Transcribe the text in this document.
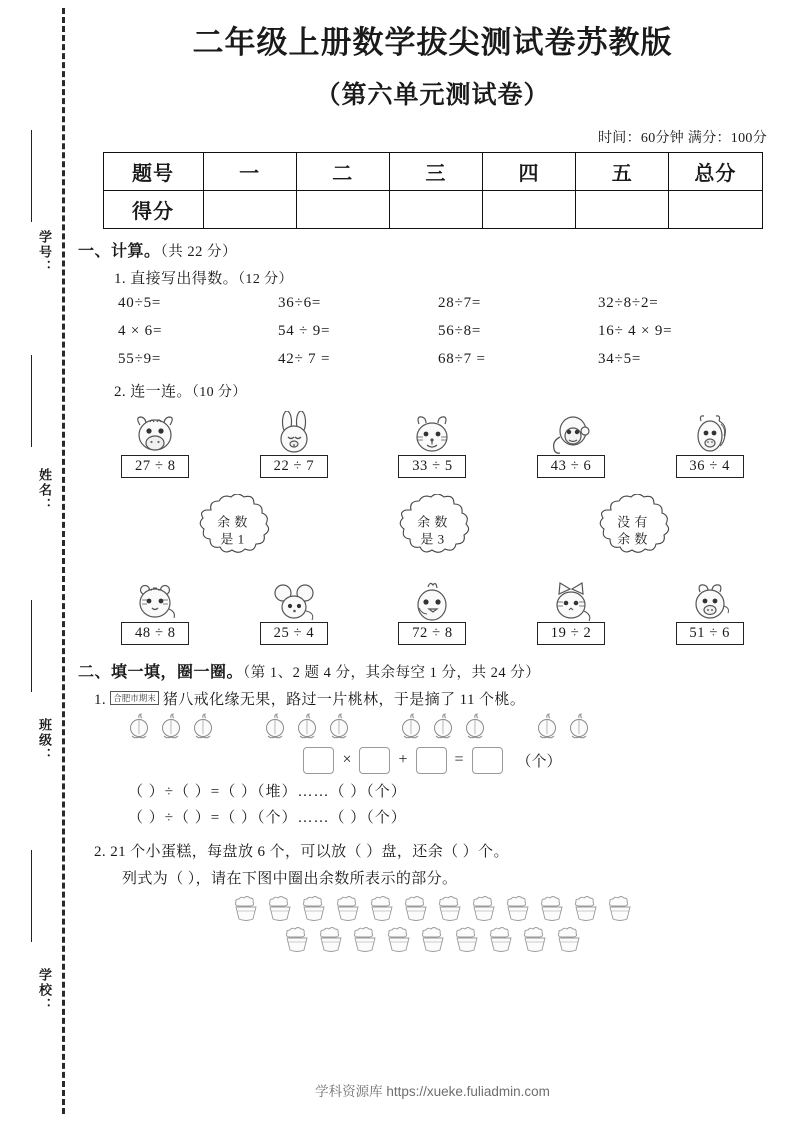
学号：
姓名：
班级：
学校：
二年级上册数学拔尖测试卷苏教版
（第六单元测试卷）
时间：60分钟 满分：100分
题号	一	二	三	四	五	总分
得分						
一、计算。（共 22 分）
1. 直接写出得数。（12 分）
40÷5=	36÷6=	28÷7=	32÷8÷2=
4 × 6=	54 ÷ 9=	56÷8=	16÷ 4 × 9=
55÷9=	42÷ 7 =	68÷7 =	34÷5=
2. 连一连。（10 分）
27 ÷ 8	22 ÷ 7	33 ÷ 5	43 ÷ 6	36 ÷ 4
余 数
是 1
余 数
是 3
没 有
余 数
48 ÷ 8	25 ÷ 4	72 ÷ 8	19 ÷ 2	51 ÷ 6
二、填一填，圈一圈。（第 1、2 题 4 分，其余每空 1 分，共 24 分）
1. 合肥市期末 猪八戒化缘无果，路过一片桃林，于是摘了 11 个桃。
×	+	=	（个）
（ ）÷（ ）=（ ）（堆）……（ ）（个）
（ ）÷（ ）=（ ）（个）……（ ）（个）
2. 21 个小蛋糕，每盘放 6 个，可以放（ ）盘，还余（ ）个。
列式为（ ），请在下图中圈出余数所表示的部分。
学科资源库 https://xueke.fuliadmin.com
